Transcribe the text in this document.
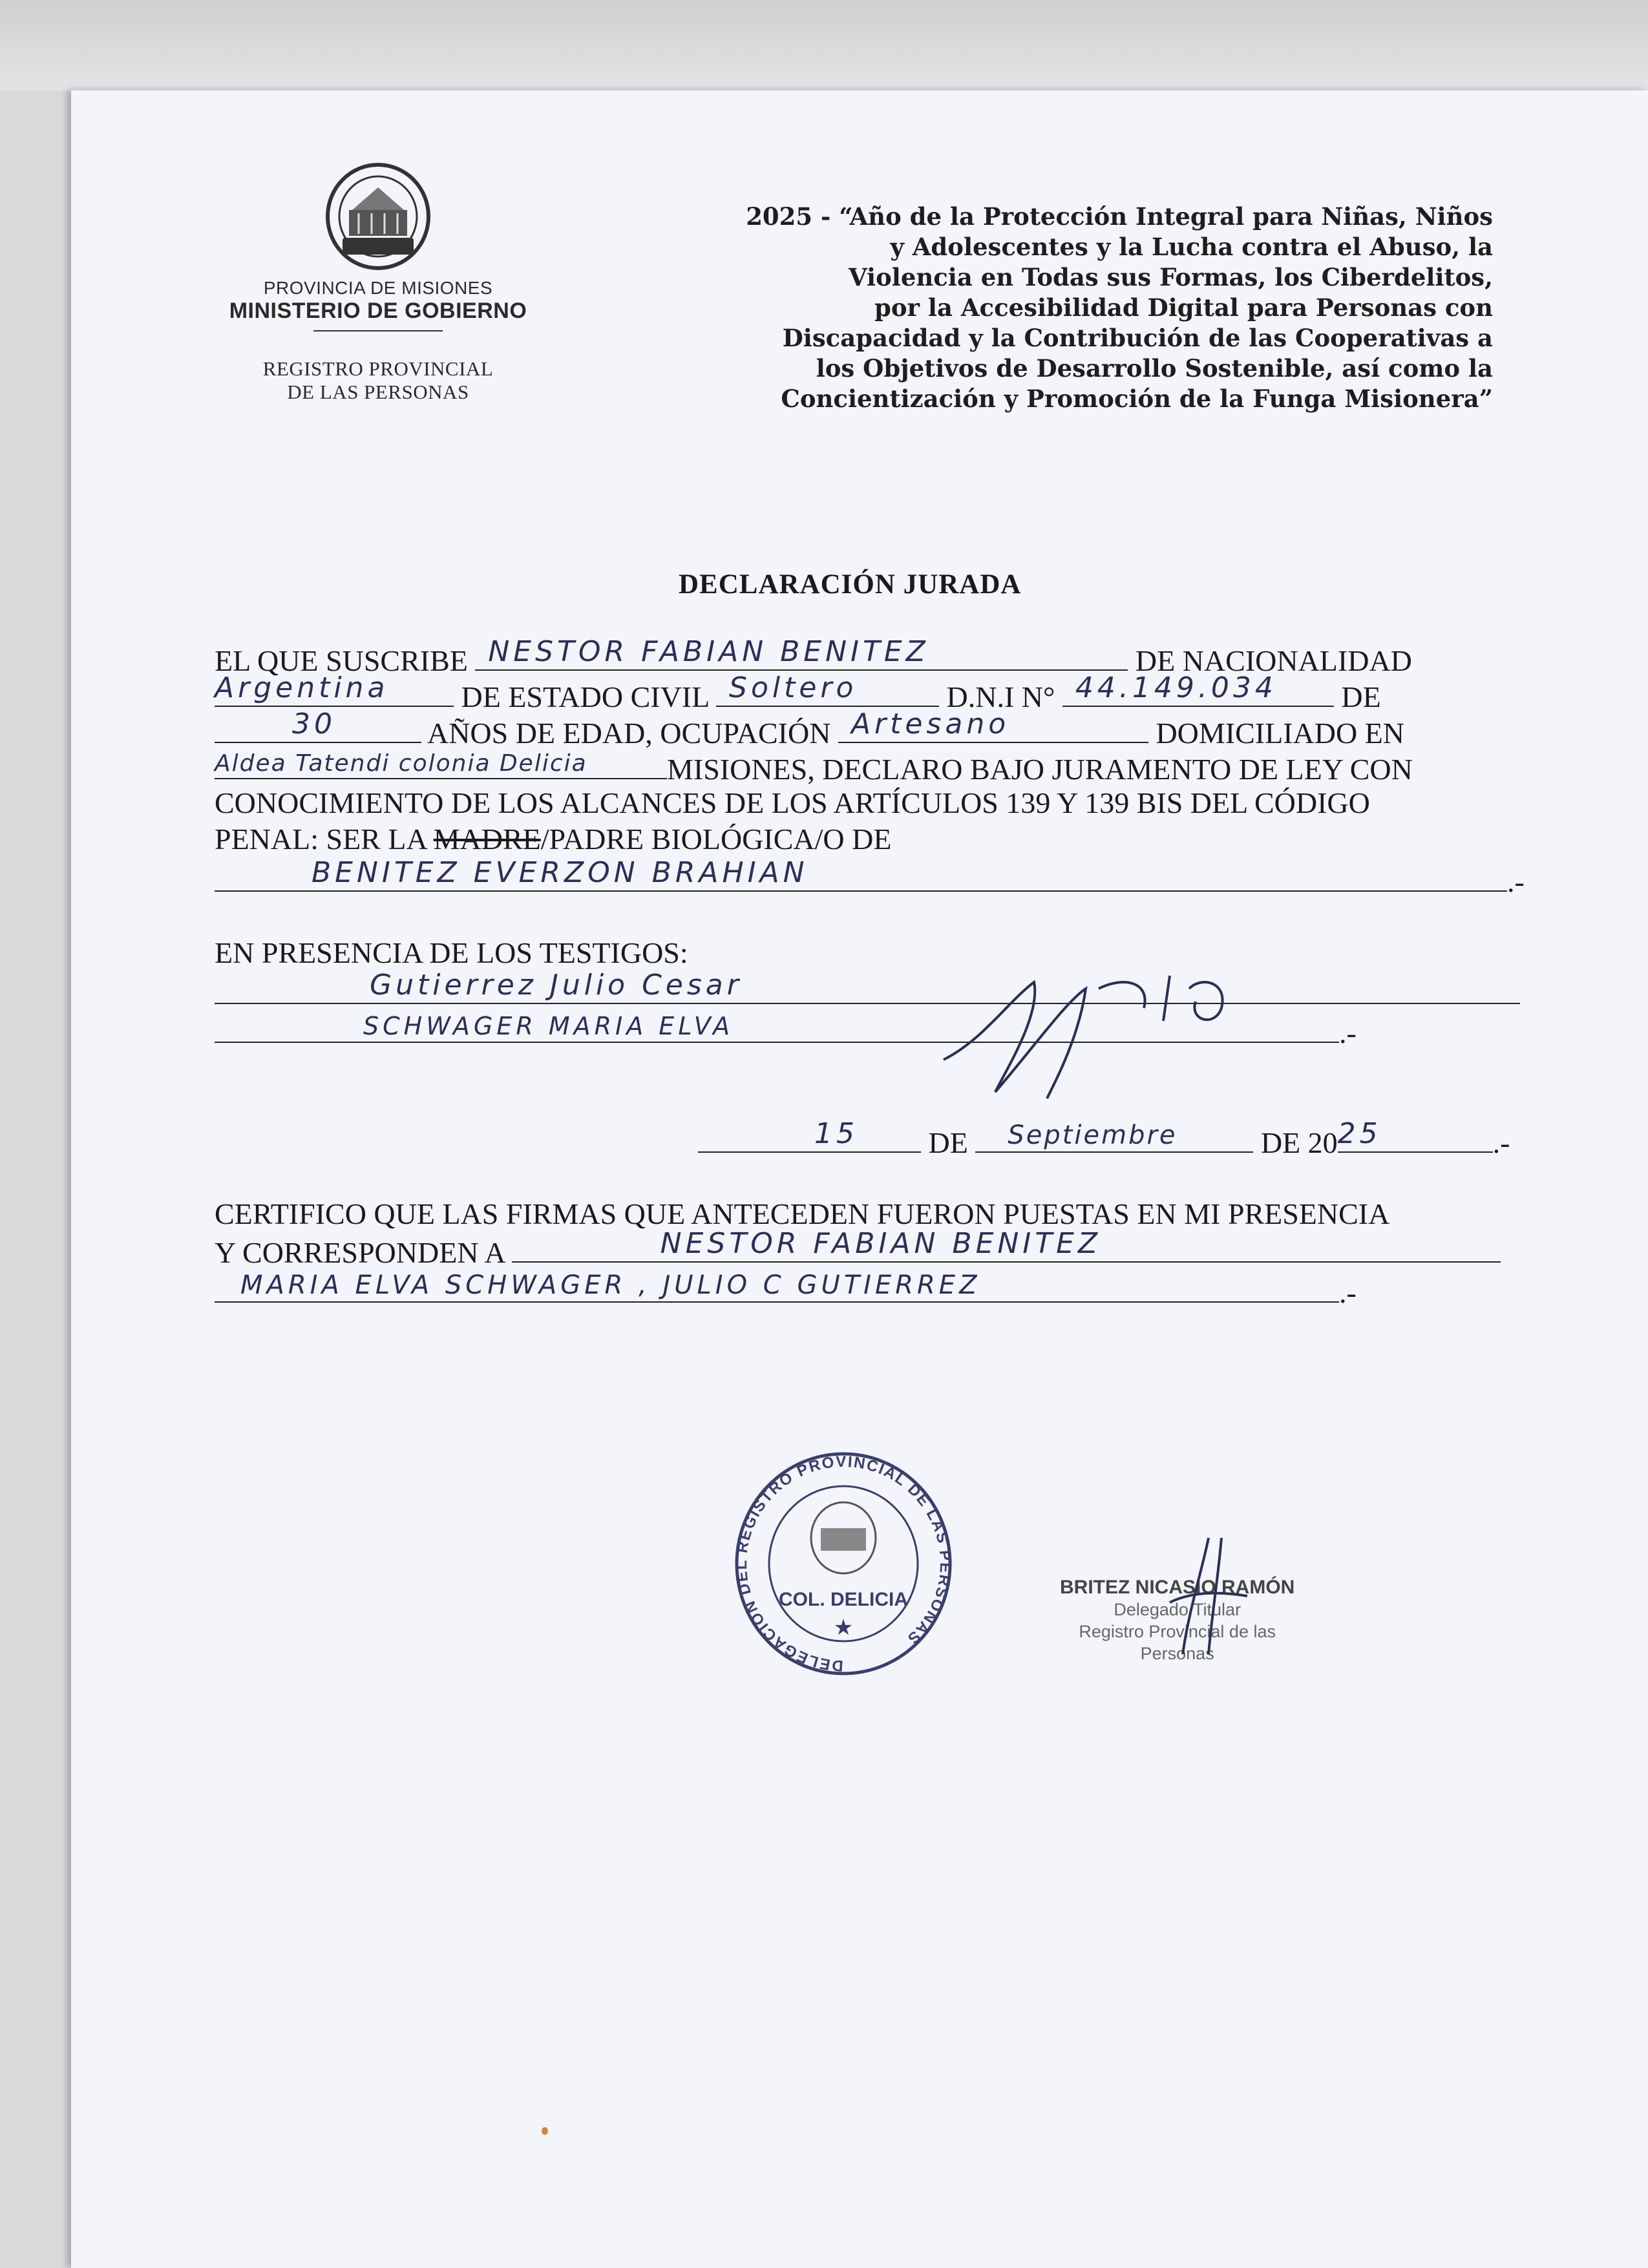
PROVINCIA DE MISIONES
MINISTERIO DE GOBIERNO
REGISTRO PROVINCIAL
DE LAS PERSONAS
2025 - “Año de la Protección Integral para Niñas, Niños
y Adolescentes y la Lucha contra el Abuso, la
Violencia en Todas sus Formas, los Ciberdelitos,
por la Accesibilidad Digital para Personas con
Discapacidad y la Contribución de las Cooperativas a
los Objetivos de Desarrollo Sostenible, así como la
Concientización y Promoción de la Funga Misionera”
DECLARACIÓN JURADA
EL QUE SUSCRIBE NESTOR FABIAN BENITEZ	DE NACIONALIDAD
Argentina DE ESTADO CIVIL Soltero	D.N.I N° 44.149.034 DE
30	AÑOS DE EDAD, OCUPACIÓN Artesano	DOMICILIADO EN
Aldea Tatendi colonia Delicia	MISIONES, DECLARO BAJO JURAMENTO DE LEY CON
CONOCIMIENTO DE LOS ALCANCES DE LOS ARTÍCULOS 139 Y 139 BIS DEL CÓDIGO
PENAL: SER LA MADRE/PADRE BIOLÓGICA/O DE
BENITEZ EVERZON BRAHIAN	.-
EN PRESENCIA DE LOS TESTIGOS:
Gutierrez Julio Cesar
SCHWAGER MARIA ELVA	.-
15 DE Septiembre	DE 20 25	.-
CERTIFICO QUE LAS FIRMAS QUE ANTECEDEN FUERON PUESTAS EN MI PRESENCIA
Y CORRESPONDEN A	NESTOR FABIAN BENITEZ
MARIA ELVA SCHWAGER , JULIO C GUTIERREZ	.-
DELEGACION DEL REGISTRO PROVINCIAL DE LAS PERSONAS
COL. DELICIA
★
BRITEZ NICASIO RAMÓN
Delegado Titular
Registro Provincial de las
Personas
